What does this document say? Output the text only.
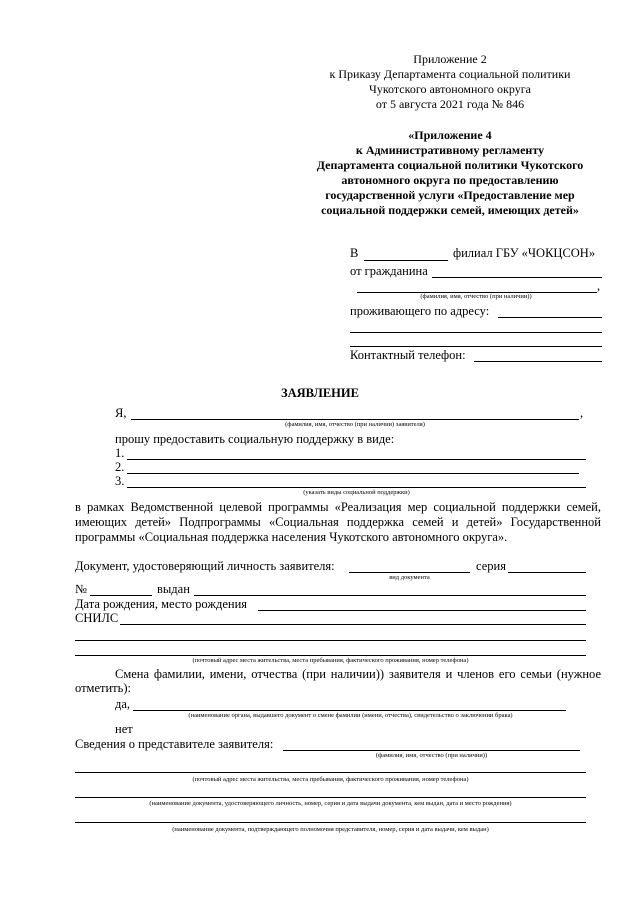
Приложение 2
к Приказу Департамента социальной политики
Чукотского автономного округа
от 5 августа 2021 года № 846
«Приложение 4
к Административному регламенту
Департамента социальной политики Чукотского
автономного округа по предоставлению
государственной услуги «Предоставление мер
социальной поддержки семей, имеющих детей»
В	филиал ГБУ «ЧОКЦСОН»
от гражданина
,
(фамилия, имя, отчество (при наличии))
проживающего по адресу:
Контактный телефон:
ЗАЯВЛЕНИЕ
Я,	,
(фамилия, имя, отчество (при наличии) заявителя)
прошу предоставить социальную поддержку в виде:
1.
2.
3.
(указать виды социальной поддержки)
в рамках Ведомственной целевой программы «Реализация мер социальной поддержки семей, имеющих детей» Подпрограммы «Социальная поддержка семей и детей» Государственной программы «Социальная поддержка населения Чукотского автономного округа».
Документ, удостоверяющий личность заявителя:	серия
вид документа
№	выдан
Дата рождения, место рождения
СНИЛС
(почтовый адрес места жительства, места пребывания, фактического проживания, номер телефона)
Смена фамилии, имени, отчества (при наличии)) заявителя и членов его семьи (нужное отметить):
да,
(наименование органа, выдавшего документ о смене фамилии (имени, отчества), свидетельство о заключении брака)
нет
Сведения о представителе заявителя:
(фамилия, имя, отчество (при наличии))
(почтовый адрес места жительства, места пребывания, фактического проживания, номер телефона)
(наименование документа, удостоверяющего личность, номер, серия и дата выдачи документа, кем выдан, дата и место рождения)
(наименование документа, подтверждающего полномочия представителя, номер, серия и дата выдачи, кем выдан)
